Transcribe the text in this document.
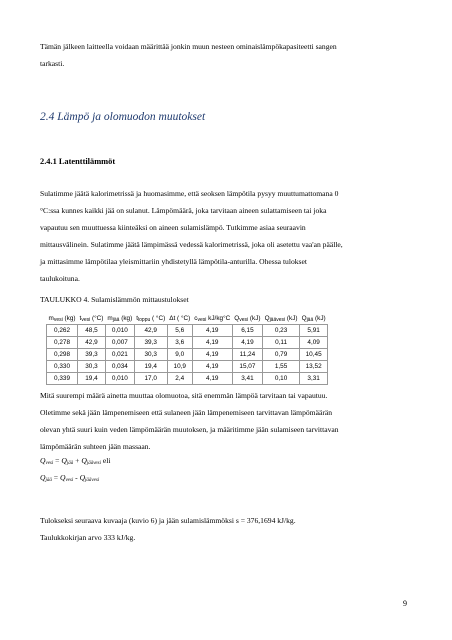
Tämän jälkeen laitteella voidaan määrittää jonkin muun nesteen ominaislämpökapasiteetti sangen
tarkasti.
2.4 Lämpö ja olomuodon muutokset
2.4.1 Latenttilämmöt
Sulatimme jäätä kalorimetrissä ja huomasimme, että seoksen lämpötila pysyy muuttumattomana 0
°C:ssa kunnes kaikki jää on sulanut. Lämpömäärä, joka tarvitaan aineen sulattamiseen tai joka
vapautuu sen muuttuessa kiinteäksi on aineen sulamislämpö. Tutkimme asiaa seuraavin
mittausvälinein. Sulatimme jäätä lämpimässä vedessä kalorimetrissä, joka oli asetettu vaa'an päälle,
ja mittasimme lämpötilaa yleismittariin yhdistetyllä lämpötila-anturilla. Ohessa tulokset
taulukoituna.
TAULUKKO 4. Sulamislämmön mittaustulokset
$m_{vesi}$ (kg)	$t_{vesi}$ (°C)	$m_{jää}$ (kg)	$t_{loppu}$ ( °C)	Δt ( °C)	$c_{vesi}$ kJ/kg°C	$Q_{vesi}$ (kJ)	$Q_{jäävesi}$ (kJ)	$Q_{jää}$ (kJ)
0,262	48,5	0,010	42,9	5,6	4,19	6,15	0,23	5,91
0,278	42,9	0,007	39,3	3,6	4,19	4,19	0,11	4,09
0,298	39,3	0,021	30,3	9,0	4,19	11,24	0,79	10,45
0,330	30,3	0,034	19,4	10,9	4,19	15,07	1,55	13,52
0,339	19,4	0,010	17,0	2,4	4,19	3,41	0,10	3,31
Mitä suurempi määrä ainetta muuttaa olomuotoa, sitä enemmän lämpöä tarvitaan tai vapautuu.
Oletimme sekä jään lämpenemiseen että sulaneen jään lämpenemiseen tarvittavan lämpömäärän
olevan yhtä suuri kuin veden lämpömäärän muutoksen, ja määritimme jään sulamiseen tarvittavan
lämpömäärän suhteen jään massaan.
$Q_{vesi} = Q_{jää} + Q_{jäävesi}$ eli
$Q_{jää} = Q_{vesi} - Q_{jäävesi}$
Tulokseksi seuraava kuvaaja (kuvio 6) ja jään sulamislämmöksi s = 376,1694 kJ/kg.
Taulukkokirjan arvo 333 kJ/kg.
9
